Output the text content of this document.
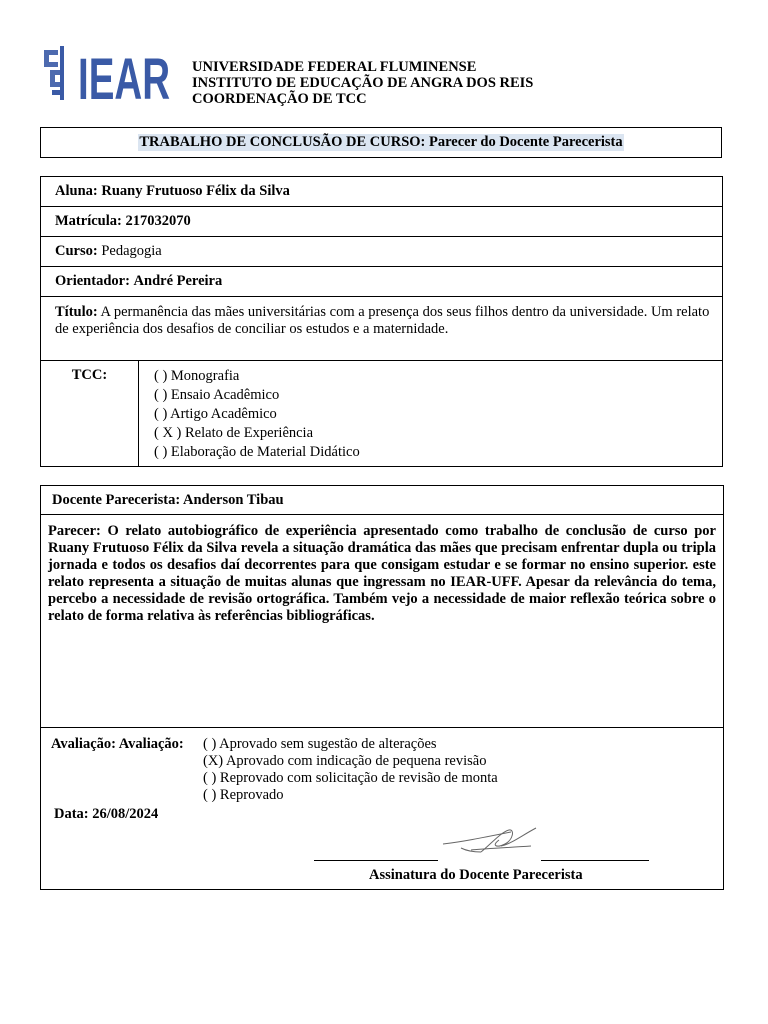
IEAR UNIVERSIDADE FEDERAL FLUMINENSE
INSTITUTO DE EDUCAÇÃO DE ANGRA DOS REIS
COORDENAÇÃO DE TCC
TRABALHO DE CONCLUSÃO DE CURSO: Parecer do Docente Parecerista
Aluna: Ruany Frutuoso Félix da Silva
Matrícula: 217032070
Curso: Pedagogia
Orientador: André Pereira
Título: A permanência das mães universitárias com a presença dos seus filhos dentro da universidade. Um relato de experiência dos desafios de conciliar os estudos e a maternidade.
TCC:	( ) Monografia
( ) Ensaio Acadêmico
( ) Artigo Acadêmico
( X ) Relato de Experiência
( ) Elaboração de Material Didático
Docente Parecerista: Anderson Tibau
Parecer: O relato autobiográfico de experiência apresentado como trabalho de conclusão de curso por Ruany Frutuoso Félix da Silva revela a situação dramática das mães que precisam enfrentar dupla ou tripla jornada e todos os desafios daí decorrentes para que consigam estudar e se formar no ensino superior. este relato representa a situação de muitas alunas que ingressam no IEAR-UFF. Apesar da relevância do tema, percebo a necessidade de revisão ortográfica. Também vejo a necessidade de maior reflexão teórica sobre o relato de forma relativa às referências bibliográficas.
Avaliação: Avaliação: ( ) Aprovado sem sugestão de alterações
(X) Aprovado com indicação de pequena revisão
( ) Reprovado com solicitação de revisão de monta
( ) Reprovado
Data: 26/08/2024
Assinatura do Docente Parecerista
